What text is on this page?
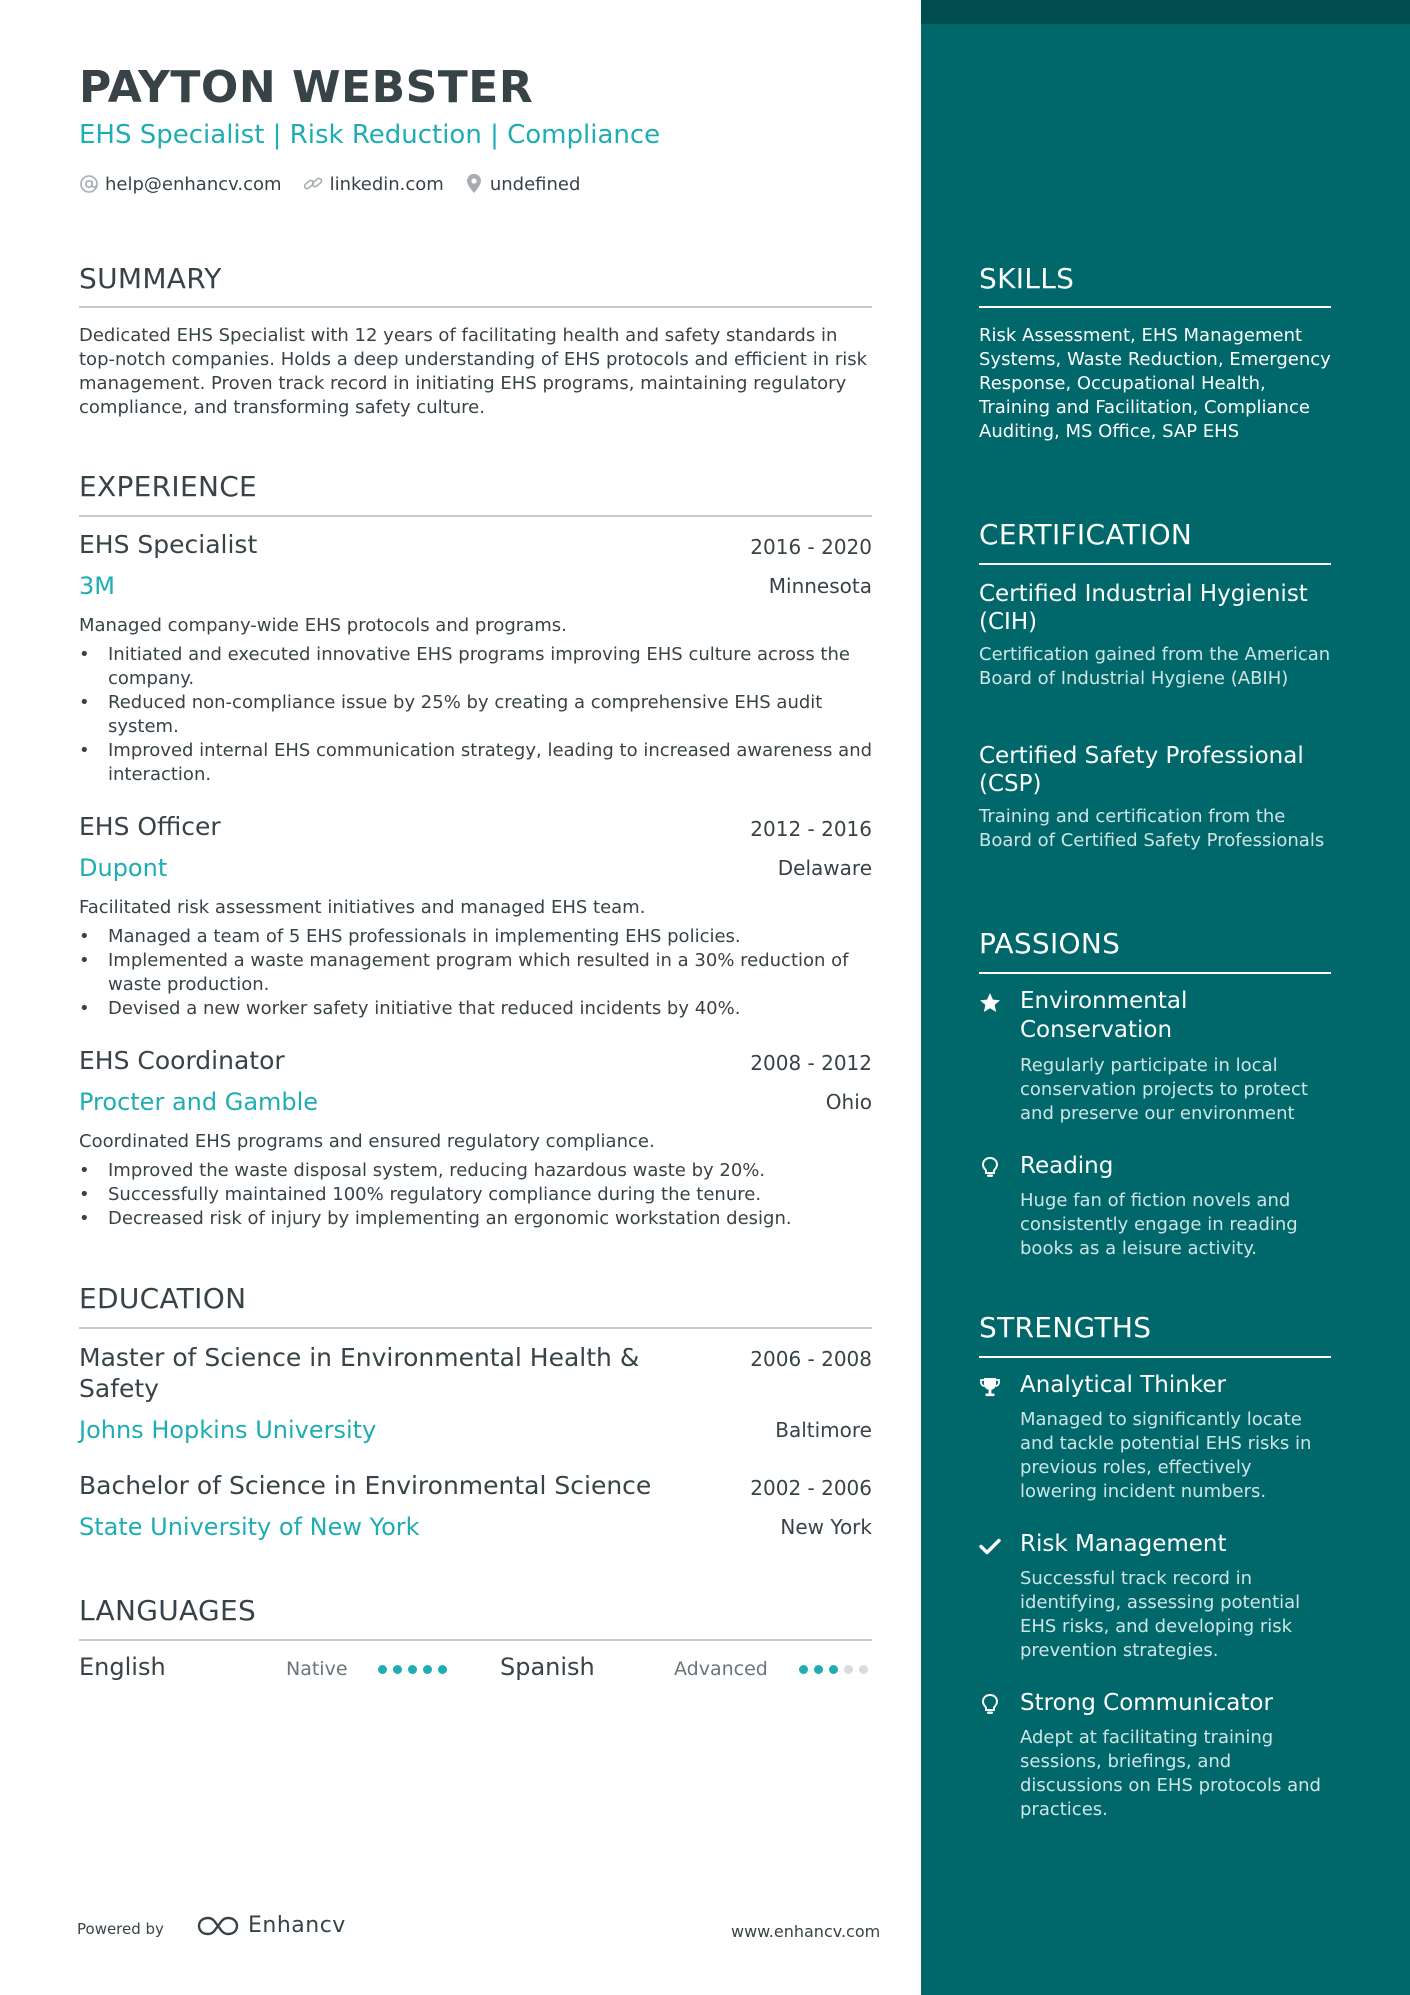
PAYTON WEBSTER
EHS Specialist | Risk Reduction | Compliance
help@enhancv.com	linkedin.com	undefined
SUMMARY
Dedicated EHS Specialist with 12 years of facilitating health and safety standards in top-notch companies. Holds a deep understanding of EHS protocols and efficient in risk management. Proven track record in initiating EHS programs, maintaining regulatory compliance, and transforming safety culture.
EXPERIENCE
EHS Specialist	2016 - 2020
3M	Minnesota
Managed company-wide EHS protocols and programs.
• Initiated and executed innovative EHS programs improving EHS culture across the company.
• Reduced non-compliance issue by 25% by creating a comprehensive EHS audit system.
• Improved internal EHS communication strategy, leading to increased awareness and interaction.
EHS Officer	2012 - 2016
Dupont	Delaware
Facilitated risk assessment initiatives and managed EHS team.
• Managed a team of 5 EHS professionals in implementing EHS policies.
• Implemented a waste management program which resulted in a 30% reduction of waste production.
• Devised a new worker safety initiative that reduced incidents by 40%.
EHS Coordinator	2008 - 2012
Procter and Gamble	Ohio
Coordinated EHS programs and ensured regulatory compliance.
• Improved the waste disposal system, reducing hazardous waste by 20%.
• Successfully maintained 100% regulatory compliance during the tenure.
• Decreased risk of injury by implementing an ergonomic workstation design.
EDUCATION
Master of Science in Environmental Health & Safety
2006 - 2008
Johns Hopkins University	Baltimore
Bachelor of Science in Environmental Science	2002 - 2006
State University of New York	New York
LANGUAGES
English	Native	Spanish	Advanced
Powered by	Enhancv	www.enhancv.com
SKILLS
Risk Assessment, EHS Management Systems, Waste Reduction, Emergency Response, Occupational Health, Training and Facilitation, Compliance Auditing, MS Office, SAP EHS
CERTIFICATION
Certified Industrial Hygienist (CIH)
Certification gained from the American Board of Industrial Hygiene (ABIH)
Certified Safety Professional (CSP)
Training and certification from the Board of Certified Safety Professionals
PASSIONS
Environmental Conservation
Regularly participate in local conservation projects to protect and preserve our environment
Reading
Huge fan of fiction novels and consistently engage in reading books as a leisure activity.
STRENGTHS
Analytical Thinker
Managed to significantly locate and tackle potential EHS risks in previous roles, effectively lowering incident numbers.
Risk Management
Successful track record in identifying, assessing potential EHS risks, and developing risk prevention strategies.
Strong Communicator
Adept at facilitating training sessions, briefings, and discussions on EHS protocols and practices.
